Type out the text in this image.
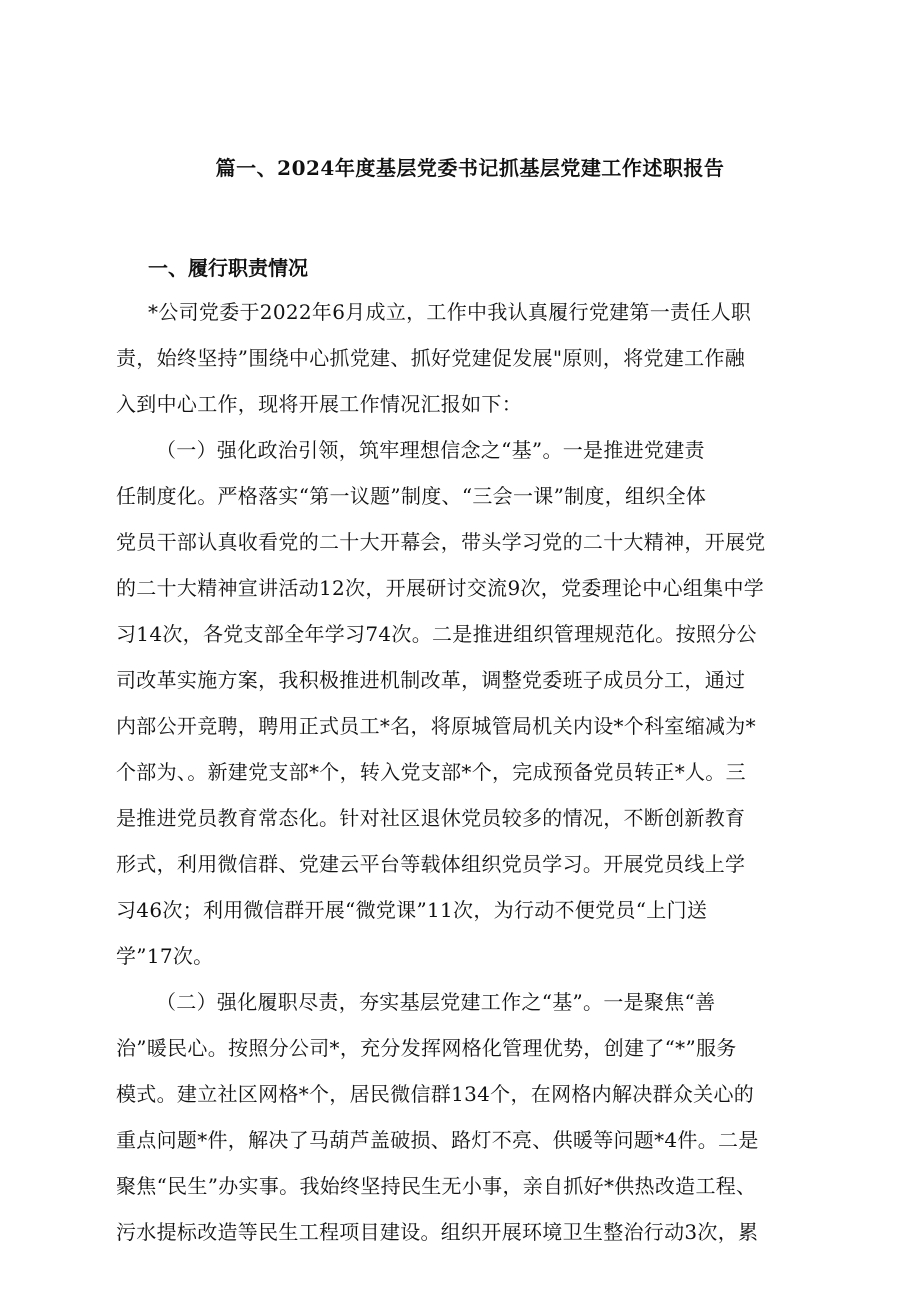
篇一、2024年度基层党委书记抓基层党建工作述职报告
一、履行职责情况

*公司党委于2022年6月成立，工作中我认真履行党建第一责任人职

责，始终坚持”围绕中心抓党建、抓好党建促发展"原则，将党建工作融

入到中心工作，现将开展工作情况汇报如下：

（一）强化政治引领，筑牢理想信念之“基”。一是推进党建责

任制度化。严格落实“第一议题”制度、“三会一课”制度，组织全体

党员干部认真收看党的二十大开幕会，带头学习党的二十大精神，开展党

的二十大精神宣讲活动12次，开展研讨交流9次，党委理论中心组集中学

习14次，各党支部全年学习74次。二是推进组织管理规范化。按照分公

司改革实施方案，我积极推进机制改革，调整党委班子成员分工，通过

内部公开竞聘，聘用正式员工*名，将原城管局机关内设*个科室缩减为*

个部为、。新建党支部*个，转入党支部*个，完成预备党员转正*人。三

是推进党员教育常态化。针对社区退休党员较多的情况，不断创新教育

形式，利用微信群、党建云平台等载体组织党员学习。开展党员线上学

习46次；利用微信群开展“微党课”11次，为行动不便党员“上门送

学”17次。

（二）强化履职尽责，夯实基层党建工作之“基”。一是聚焦“善

治”暖民心。按照分公司*，充分发挥网格化管理优势，创建了“*”服务

模式。建立社区网格*个，居民微信群134个，在网格内解决群众关心的

重点问题*件，解决了马葫芦盖破损、路灯不亮、供暖等问题*4件。二是

聚焦“民生”办实事。我始终坚持民生无小事，亲自抓好*供热改造工程、

污水提标改造等民生工程项目建设。组织开展环境卫生整治行动3次，累
